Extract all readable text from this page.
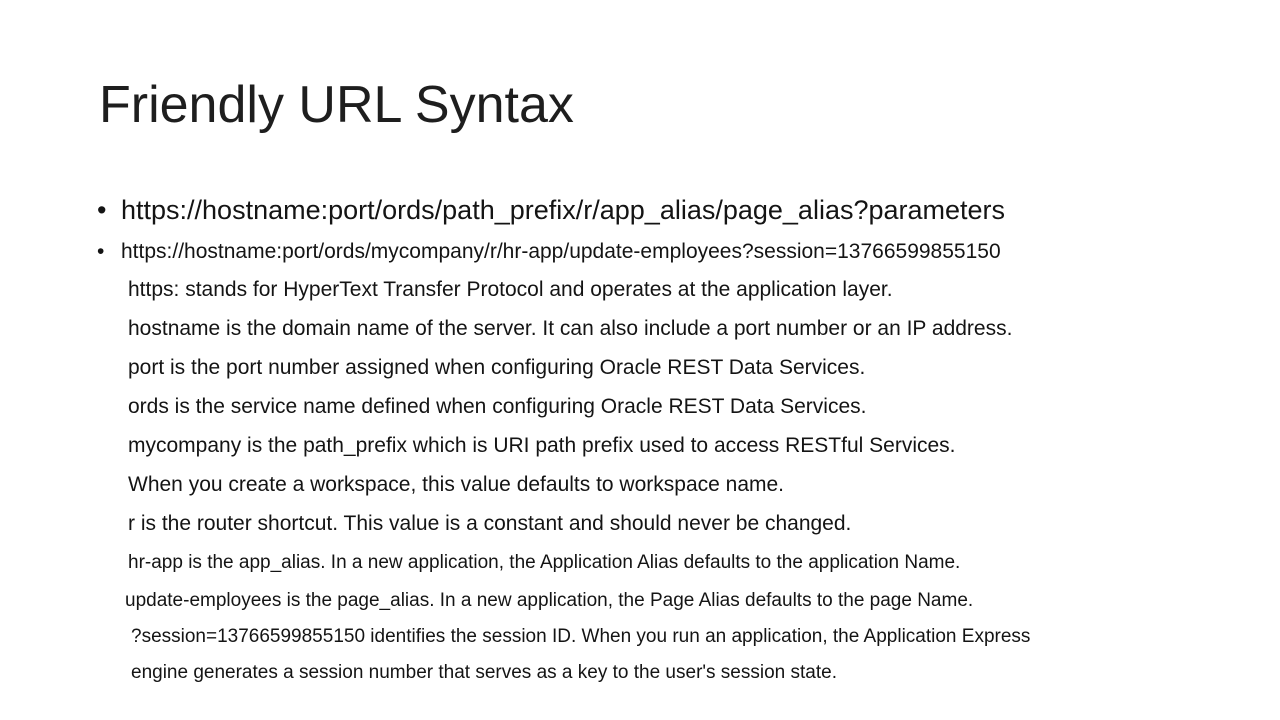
Friendly URL Syntax
• https://hostname:port/ords/path_prefix/r/app_alias/page_alias?parameters
• https://hostname:port/ords/mycompany/r/hr-app/update-employees?session=13766599855150
https: stands for HyperText Transfer Protocol and operates at the application layer.
hostname is the domain name of the server. It can also include a port number or an IP address.
port is the port number assigned when configuring Oracle REST Data Services.
ords is the service name defined when configuring Oracle REST Data Services.
mycompany is the path_prefix which is URI path prefix used to access RESTful Services.
When you create a workspace, this value defaults to workspace name.
r is the router shortcut. This value is a constant and should never be changed.
hr-app is the app_alias. In a new application, the Application Alias defaults to the application Name.
update-employees is the page_alias. In a new application, the Page Alias defaults to the page Name.
?session=13766599855150 identifies the session ID. When you run an application, the Application Express
engine generates a session number that serves as a key to the user's session state.
